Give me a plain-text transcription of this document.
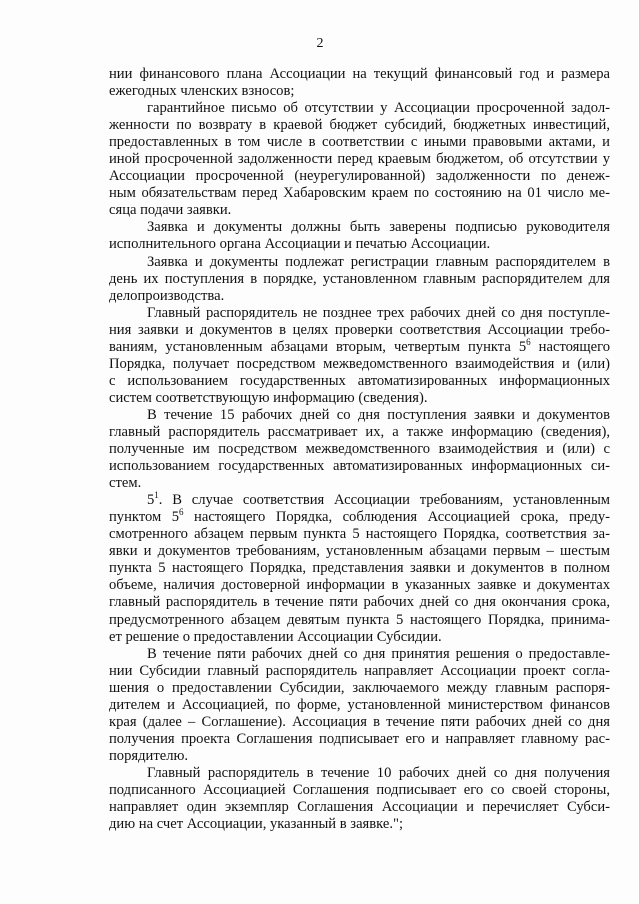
2
нии финансового плана Ассоциации на текущий финансовый год и размера
ежегодных членских взносов;
гарантийное письмо об отсутствии у Ассоциации просроченной задол-
женности по возврату в краевой бюджет субсидий, бюджетных инвестиций,
предоставленных в том числе в соответствии с иными правовыми актами, и
иной просроченной задолженности перед краевым бюджетом, об отсутствии у
Ассоциации просроченной (неурегулированной) задолженности по денеж-
ным обязательствам перед Хабаровским краем по состоянию на 01 число ме-
сяца подачи заявки.
Заявка и документы должны быть заверены подписью руководителя
исполнительного органа Ассоциации и печатью Ассоциации.
Заявка и документы подлежат регистрации главным распорядителем в
день их поступления в порядке, установленном главным распорядителем для
делопроизводства.
Главный распорядитель не позднее трех рабочих дней со дня поступле-
ния заявки и документов в целях проверки соответствия Ассоциации требо-
ваниям, установленным абзацами вторым, четвертым пункта $5^6$ настоящего
Порядка, получает посредством межведомственного взаимодействия и (или)
с использованием государственных автоматизированных информационных
систем соответствующую информацию (сведения).
В течение 15 рабочих дней со дня поступления заявки и документов
главный распорядитель рассматривает их, а также информацию (сведения),
полученные им посредством межведомственного взаимодействия и (или) с
использованием государственных автоматизированных информационных си-
стем.
$5^1$. В случае соответствия Ассоциации требованиям, установленным
пунктом $5^6$ настоящего Порядка, соблюдения Ассоциацией срока, преду-
смотренного абзацем первым пункта 5 настоящего Порядка, соответствия за-
явки и документов требованиям, установленным абзацами первым – шестым
пункта 5 настоящего Порядка, представления заявки и документов в полном
объеме, наличия достоверной информации в указанных заявке и документах
главный распорядитель в течение пяти рабочих дней со дня окончания срока,
предусмотренного абзацем девятым пункта 5 настоящего Порядка, принима-
ет решение о предоставлении Ассоциации Субсидии.
В течение пяти рабочих дней со дня принятия решения о предоставле-
нии Субсидии главный распорядитель направляет Ассоциации проект согла-
шения о предоставлении Субсидии, заключаемого между главным распоря-
дителем и Ассоциацией, по форме, установленной министерством финансов
края (далее – Соглашение). Ассоциация в течение пяти рабочих дней со дня
получения проекта Соглашения подписывает его и направляет главному рас-
порядителю.
Главный распорядитель в течение 10 рабочих дней со дня получения
подписанного Ассоциацией Соглашения подписывает его со своей стороны,
направляет один экземпляр Соглашения Ассоциации и перечисляет Субси-
дию на счет Ассоциации, указанный в заявке.";
